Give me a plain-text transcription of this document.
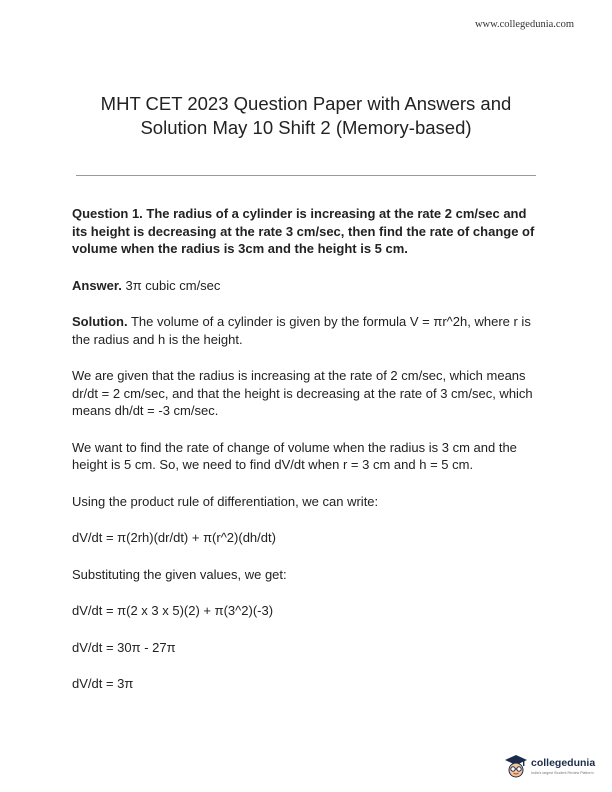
www.collegedunia.com
MHT CET 2023 Question Paper with Answers and
Solution May 10 Shift 2 (Memory-based)

Question 1. The radius of a cylinder is increasing at the rate 2 cm/sec and its height is decreasing at the rate 3 cm/sec, then find the rate of change of volume when the radius is 3cm and the height is 5 cm.

Answer. 3π cubic cm/sec

Solution. The volume of a cylinder is given by the formula V = πr^2h, where r is the radius and h is the height.

We are given that the radius is increasing at the rate of 2 cm/sec, which means dr/dt = 2 cm/sec, and that the height is decreasing at the rate of 3 cm/sec, which means dh/dt = -3 cm/sec.

We want to find the rate of change of volume when the radius is 3 cm and the height is 5 cm. So, we need to find dV/dt when r = 3 cm and h = 5 cm.

Using the product rule of differentiation, we can write:

dV/dt = π(2rh)(dr/dt) + π(r^2)(dh/dt)

Substituting the given values, we get:

dV/dt = π(2 x 3 x 5)(2) + π(3^2)(-3)

dV/dt = 30π - 27π

dV/dt = 3π

collegedunia
India's largest Student Review Platform
